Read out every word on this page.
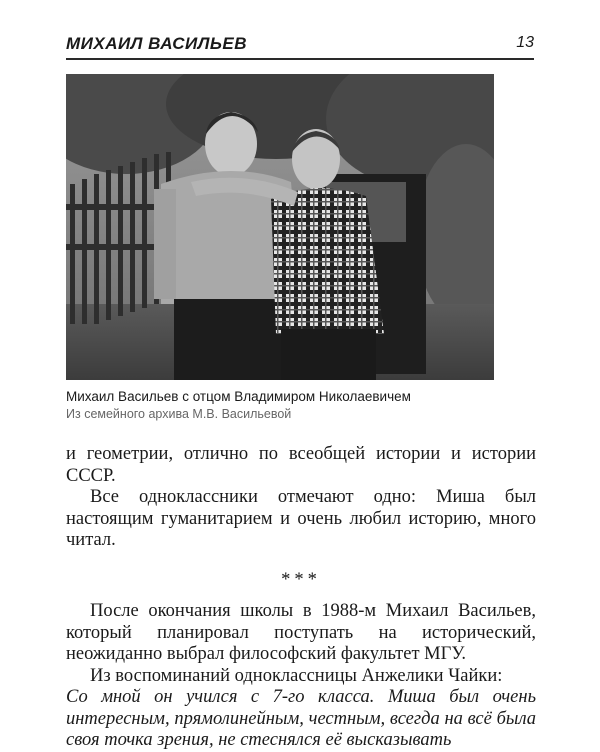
МИХАИЛ ВАСИЛЬЕВ	13
Михаил Васильев с отцом Владимиром Николаевичем
Из семейного архива М.В. Васильевой

и геометрии, отлично по всеобщей истории и истории

СССР.

Все одноклассники отмечают одно: Миша был настоящим гуманитарием и очень любил историю, много читал.

***

После окончания школы в 1988-м Михаил Васильев, который планировал поступать на исторический, неожиданно выбрал философский факультет МГУ.

Из воспоминаний одноклассницы Анжелики Чайки:

Со мной он учился с 7-го класса. Миша был очень интересным, прямолинейным, честным, всегда на всё была своя точка зрения, не стеснялся её высказывать
